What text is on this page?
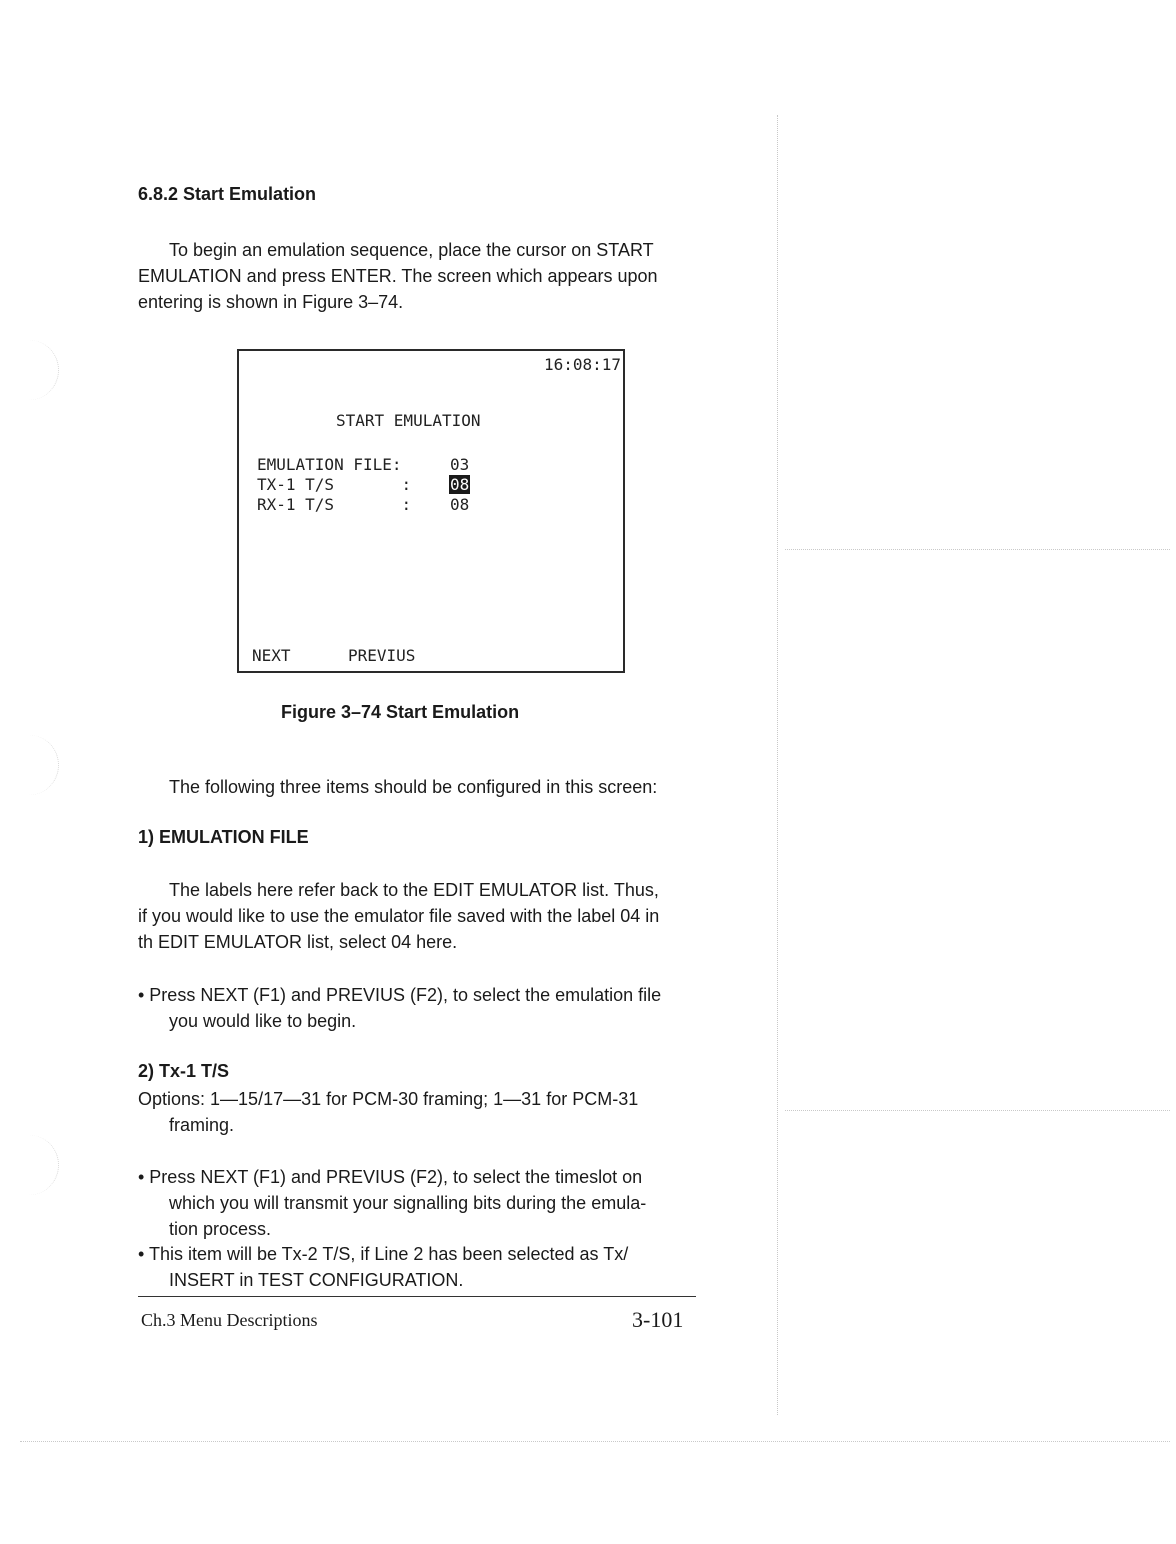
6.8.2 Start Emulation

To begin an emulation sequence, place the cursor on START

EMULATION and press ENTER. The screen which appears upon

entering is shown in Figure 3–74.

16:08:17
START EMULATION
EMULATION FILE:	03
TX-1 T/S       : 08
RX-1 T/S       : 08
NEXT	PREVIUS
Figure 3–74 Start Emulation
The following three items should be configured in this screen:
1) EMULATION FILE

The labels here refer back to the EDIT EMULATOR list. Thus,

if you would like to use the emulator file saved with the label 04 in

th EDIT EMULATOR list, select 04 here.

• Press NEXT (F1) and PREVIUS (F2), to select the emulation file

you would like to begin.

2) Tx-1 T/S

Options: 1—15/17—31 for PCM-30 framing; 1—31 for PCM-31

framing.

• Press NEXT (F1) and PREVIUS (F2), to select the timeslot on

which you will transmit your signalling bits during the emula-

tion process.

• This item will be Tx-2 T/S, if Line 2 has been selected as Tx/

INSERT in TEST CONFIGURATION.

Ch.3 Menu Descriptions	3-101
